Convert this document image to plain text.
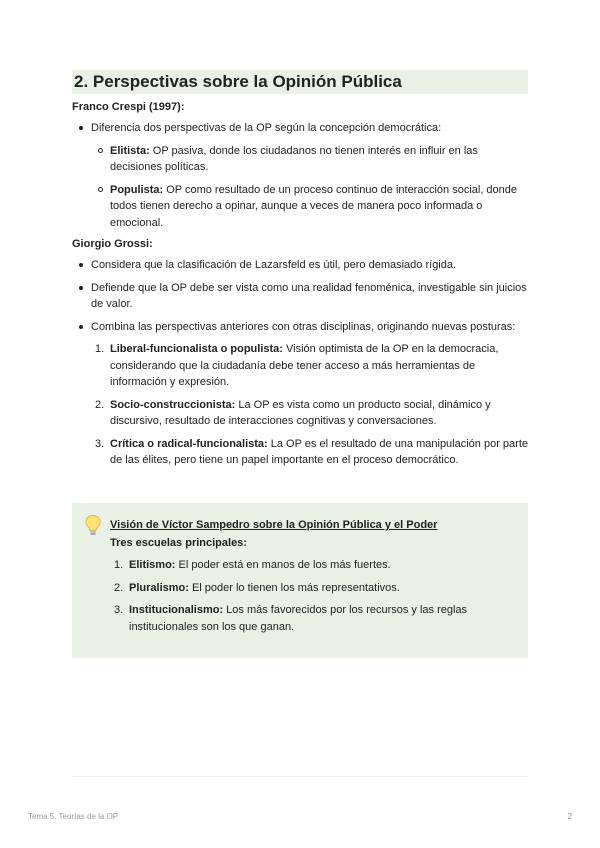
2. Perspectivas sobre la Opinión Pública
Franco Crespi (1997):
Diferencia dos perspectivas de la OP según la concepción democrática:
Elitista: OP pasiva, donde los ciudadanos no tienen interés en influir en las decisiones políticas.
Populista: OP como resultado de un proceso continuo de interacción social, donde todos tienen derecho a opinar, aunque a veces de manera poco informada o emocional.
Giorgio Grossi:
Considera que la clasificación de Lazarsfeld es útil, pero demasiado rígida.
Defiende que la OP debe ser vista como una realidad fenoménica, investigable sin juicios de valor.
Combina las perspectivas anteriores con otras disciplinas, originando nuevas posturas:
1. Liberal-funcionalista o populista: Visión optimista de la OP en la democracia, considerando que la ciudadanía debe tener acceso a más herramientas de información y expresión.
2. Socio-construccionista: La OP es vista como un producto social, dinámico y discursivo, resultado de interacciones cognitivas y conversaciones.
3. Crítica o radical-funcionalista: La OP es el resultado de una manipulación por parte de las élites, pero tiene un papel importante en el proceso democrático.
Visión de Víctor Sampedro sobre la Opinión Pública y el Poder
Tres escuelas principales:
1. Elitismo: El poder está en manos de los más fuertes.
2. Pluralismo: El poder lo tienen los más representativos.
3. Institucionalismo: Los más favorecidos por los recursos y las reglas institucionales son los que ganan.
Tema 5. Teorías de la OP	2
